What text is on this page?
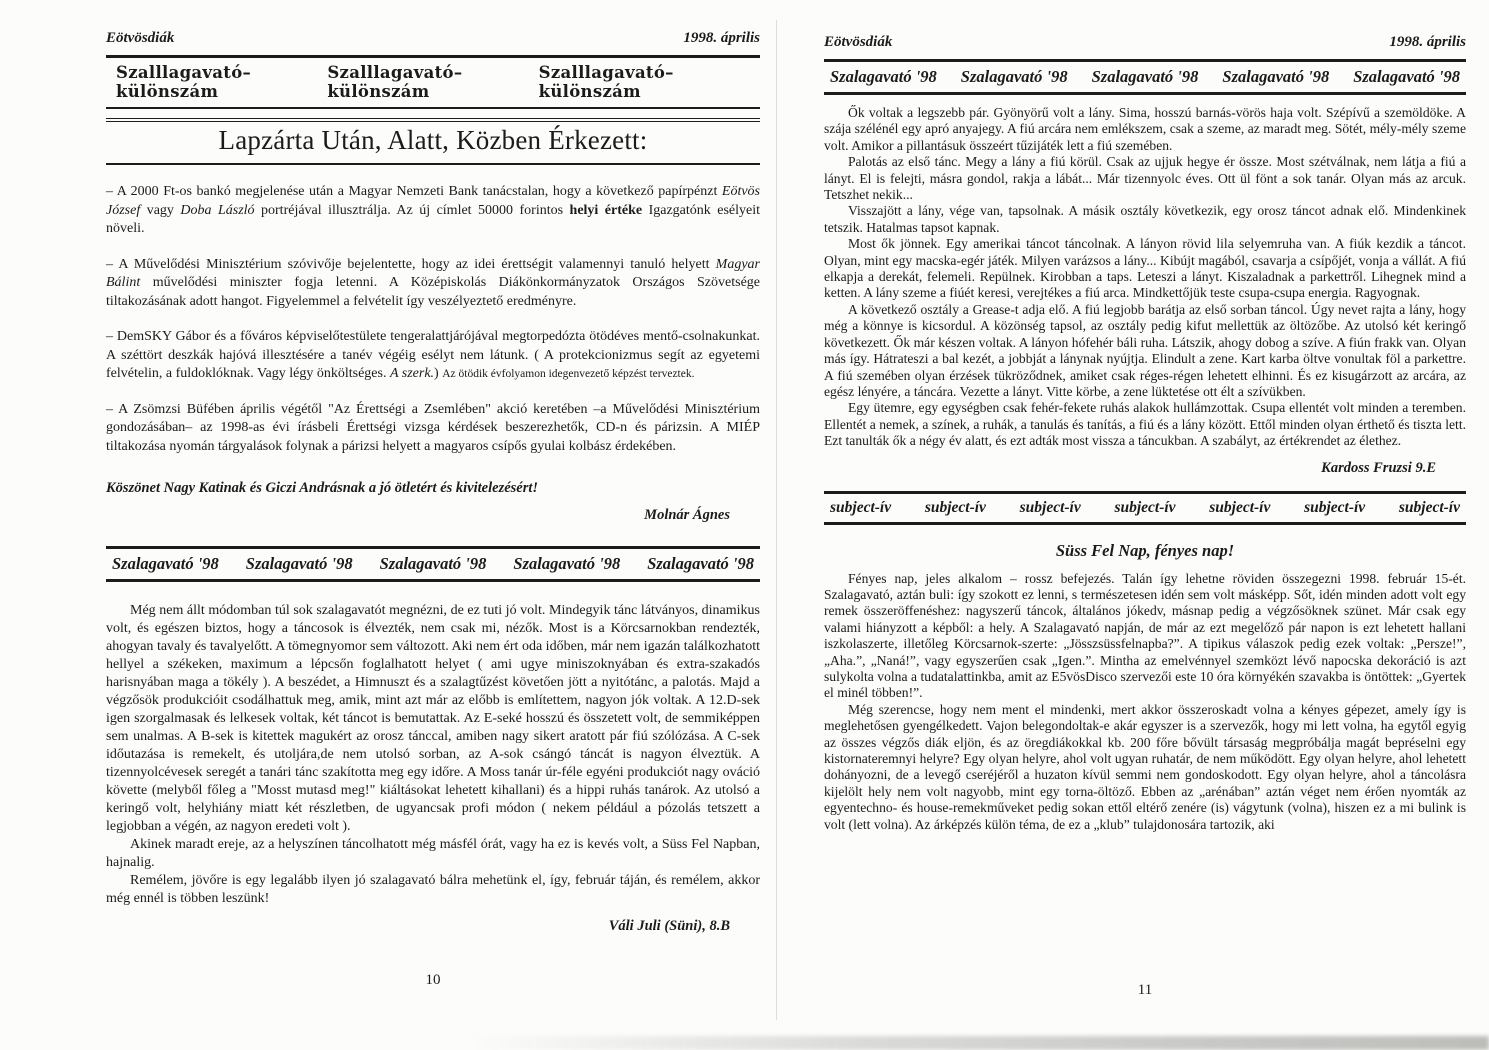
Eötvösdiák	1998. április
Szalllagavató–különszám
Szalllagavató–különszám
Szalllagavató–különszám
Lapzárta Után, Alatt, Közben Érkezett:

– A 2000 Ft-os bankó megjelenése után a Magyar Nemzeti Bank tanácstalan, hogy a következő papírpénzt Eötvös József vagy Doba László portréjával illusztrálja. Az új címlet 50000 forintos helyi értéke Igazgatónk esélyeit növeli.

– A Művelődési Minisztérium szóvivője bejelentette, hogy az idei érettségit valamennyi tanuló helyett Magyar Bálint művelődési miniszter fogja letenni. A Középiskolás Diákönkormányzatok Országos Szövetsége tiltakozásának adott hangot. Figyelemmel a felvételit így veszélyeztető eredményre.

– DemSKY Gábor és a főváros képviselőtestülete tengeralattjárójával megtorpedózta ötödéves mentő-csolnakunkat. A széttört deszkák hajóvá illesztésére a tanév végéig esélyt nem látunk. ( A protekcionizmus segít az egyetemi felvételin, a fuldoklóknak. Vagy légy önköltséges. A szerk.) Az ötödik évfolyamon idegenvezető képzést terveztek.

– A Zsömzsi Büfében április végétől "Az Érettségi a Zsemlében" akció keretében –a Művelődési Minisztérium gondozásában– az 1998-as évi írásbeli Érettségi vizsga kérdések beszerezhetők, CD-n és párizsin. A MIÉP tiltakozása nyomán tárgyalások folynak a párizsi helyett a magyaros csípős gyulai kolbász érdekében.

Köszönet Nagy Katinak és Giczi Andrásnak a jó ötletért és kivitelezésért!

Molnár Ágnes

Szalagavató '98 Szalagavató '98 Szalagavató '98 Szalagavató '98 Szalagavató '98

Még nem állt módomban túl sok szalagavatót megnézni, de ez tuti jó volt. Mindegyik tánc látványos, dinamikus volt, és egészen biztos, hogy a táncosok is élvezték, nem csak mi, nézők. Most is a Körcsarnokban rendezték, ahogyan tavaly és tavalyelőtt. A tömegnyomor sem változott. Aki nem ért oda időben, már nem igazán találkozhatott hellyel a székeken, maximum a lépcsőn foglalhatott helyet ( ami ugye miniszoknyában és extra-szakadós harisnyában maga a tökély ). A beszédet, a Himnuszt és a szalagtűzést követően jött a nyitótánc, a palotás. Majd a végzősök produkcióit csodálhattuk meg, amik, mint azt már az előbb is említettem, nagyon jók voltak. A 12.D-sek igen szorgalmasak és lelkesek voltak, két táncot is bemutattak. Az E-seké hosszú és összetett volt, de semmiképpen sem unalmas. A B-sek is kitettek magukért az orosz tánccal, amiben nagy sikert aratott pár fiú szólózása. A C-sek időutazása is remekelt, és utoljára,de nem utolsó sorban, az A-sok csángó táncát is nagyon élveztük. A tizennyolcévesek seregét a tanári tánc szakította meg egy időre. A Moss tanár úr-féle egyéni produkciót nagy ováció követte (melyből főleg a "Mosst mutasd meg!" kiáltásokat lehetett kihallani) és a hippi ruhás tanárok. Az utolsó a keringő volt, helyhiány miatt két részletben, de ugyancsak profi módon ( nekem például a pózolás tetszett a legjobban a végén, az nagyon eredeti volt ).

Akinek maradt ereje, az a helyszínen táncolhatott még másfél órát, vagy ha ez is kevés volt, a Süss Fel Napban, hajnalig.

Remélem, jövőre is egy legalább ilyen jó szalagavató bálra mehetünk el, így, február táján, és remélem, akkor még ennél is többen leszünk!

Váli Juli (Süni), 8.B

10
Eötvösdiák	1998. április
Szalagavató '98 Szalagavató '98 Szalagavató '98 Szalagavató '98 Szalagavató '98

Ők voltak a legszebb pár. Gyönyörű volt a lány. Sima, hosszú barnás-vörös haja volt. Szépívű a szemöldöke. A szája szélénél egy apró anyajegy. A fiú arcára nem emlékszem, csak a szeme, az maradt meg. Sötét, mély-mély szeme volt. Amikor a pillantásuk összeért tűzijáték lett a fiú szemében.

Palotás az első tánc. Megy a lány a fiú körül. Csak az ujjuk hegye ér össze. Most szétválnak, nem látja a fiú a lányt. El is felejti, másra gondol, rakja a lábát... Már tizennyolc éves. Ott ül fönt a sok tanár. Olyan más az arcuk. Tetszhet nekik...

Visszajött a lány, vége van, tapsolnak. A másik osztály következik, egy orosz táncot adnak elő. Mindenkinek tetszik. Hatalmas tapsot kapnak.

Most ők jönnek. Egy amerikai táncot táncolnak. A lányon rövid lila selyemruha van. A fiúk kezdik a táncot. Olyan, mint egy macska-egér játék. Milyen varázsos a lány... Kibújt magából, csavarja a csípőjét, vonja a vállát. A fiú elkapja a derekát, felemeli. Repülnek. Kirobban a taps. Leteszi a lányt. Kiszaladnak a parkettről. Lihegnek mind a ketten. A lány szeme a fiúét keresi, verejtékes a fiú arca. Mindkettőjük teste csupa-csupa energia. Ragyognak.

A következő osztály a Grease-t adja elő. A fiú legjobb barátja az első sorban táncol. Úgy nevet rajta a lány, hogy még a könnye is kicsordul. A közönség tapsol, az osztály pedig kifut mellettük az öltözőbe. Az utolsó két keringő következett. Ők már készen voltak. A lányon hófehér báli ruha. Látszik, ahogy dobog a szíve. A fiún frakk van. Olyan más így. Hátrateszi a bal kezét, a jobbját a lánynak nyújtja. Elindult a zene. Kart karba öltve vonultak föl a parkettre. A fiú szemében olyan érzések tükröződnek, amiket csak réges-régen lehetett elhinni. És ez kisugárzott az arcára, az egész lényére, a táncára. Vezette a lányt. Vitte körbe, a zene lüktetése ott élt a szívükben.

Egy ütemre, egy egységben csak fehér-fekete ruhás alakok hullámzottak. Csupa ellentét volt minden a teremben. Ellentét a nemek, a színek, a ruhák, a tanulás és tanítás, a fiú és a lány között. Ettől minden olyan érthető és tiszta lett. Ezt tanulták ők a négy év alatt, és ezt adták most vissza a táncukban. A szabályt, az értékrendet az élethez.

Kardoss Fruzsi 9.E

subject-ív subject-ív subject-ív subject-ív subject-ív subject-ív subject-ív
Süss Fel Nap, fényes nap!

Fényes nap, jeles alkalom – rossz befejezés. Talán így lehetne röviden összegezni 1998. február 15-ét. Szalagavató, aztán buli: így szokott ez lenni, s természetesen idén sem volt másképp. Sőt, idén minden adott volt egy remek összeröffenéshez: nagyszerű táncok, általános jókedv, másnap pedig a végzősöknek szünet. Már csak egy valami hiányzott a képből: a hely. A Szalagavató napján, de már az ezt megelőző pár napon is ezt lehetett hallani iszkolaszerte, illetőleg Körcsarnok-szerte: „Jösszsüssfelnapba?”. A tipikus válaszok pedig ezek voltak: „Persze!”, „Aha.”, „Naná!”, vagy egyszerűen csak „Igen.”. Mintha az emelvénnyel szemközt lévő napocska dekoráció is azt sulykolta volna a tudatalattinkba, amit az E5vösDisco szervezői este 10 óra környékén szavakba is öntöttek: „Gyertek el minél többen!”.

Még szerencse, hogy nem ment el mindenki, mert akkor összeroskadt volna a kényes gépezet, amely így is meglehetősen gyengélkedett. Vajon belegondoltak-e akár egyszer is a szervezők, hogy mi lett volna, ha egytől egyig az összes végzős diák eljön, és az öregdiákokkal kb. 200 főre bővült társaság megpróbálja magát bepréselni egy kistornateremnyi helyre? Egy olyan helyre, ahol volt ugyan ruhatár, de nem működött. Egy olyan helyre, ahol lehetett dohányozni, de a levegő cseréjéről a huzaton kívül semmi nem gondoskodott. Egy olyan helyre, ahol a táncolásra kijelölt hely nem volt nagyobb, mint egy torna-öltöző. Ebben az „arénában” aztán véget nem érően nyomták az egyentechno- és house-remekműveket pedig sokan ettől eltérő zenére (is) vágytunk (volna), hiszen ez a mi bulink is volt (lett volna). Az árképzés külön téma, de ez a „klub” tulajdonosára tartozik, aki

11
